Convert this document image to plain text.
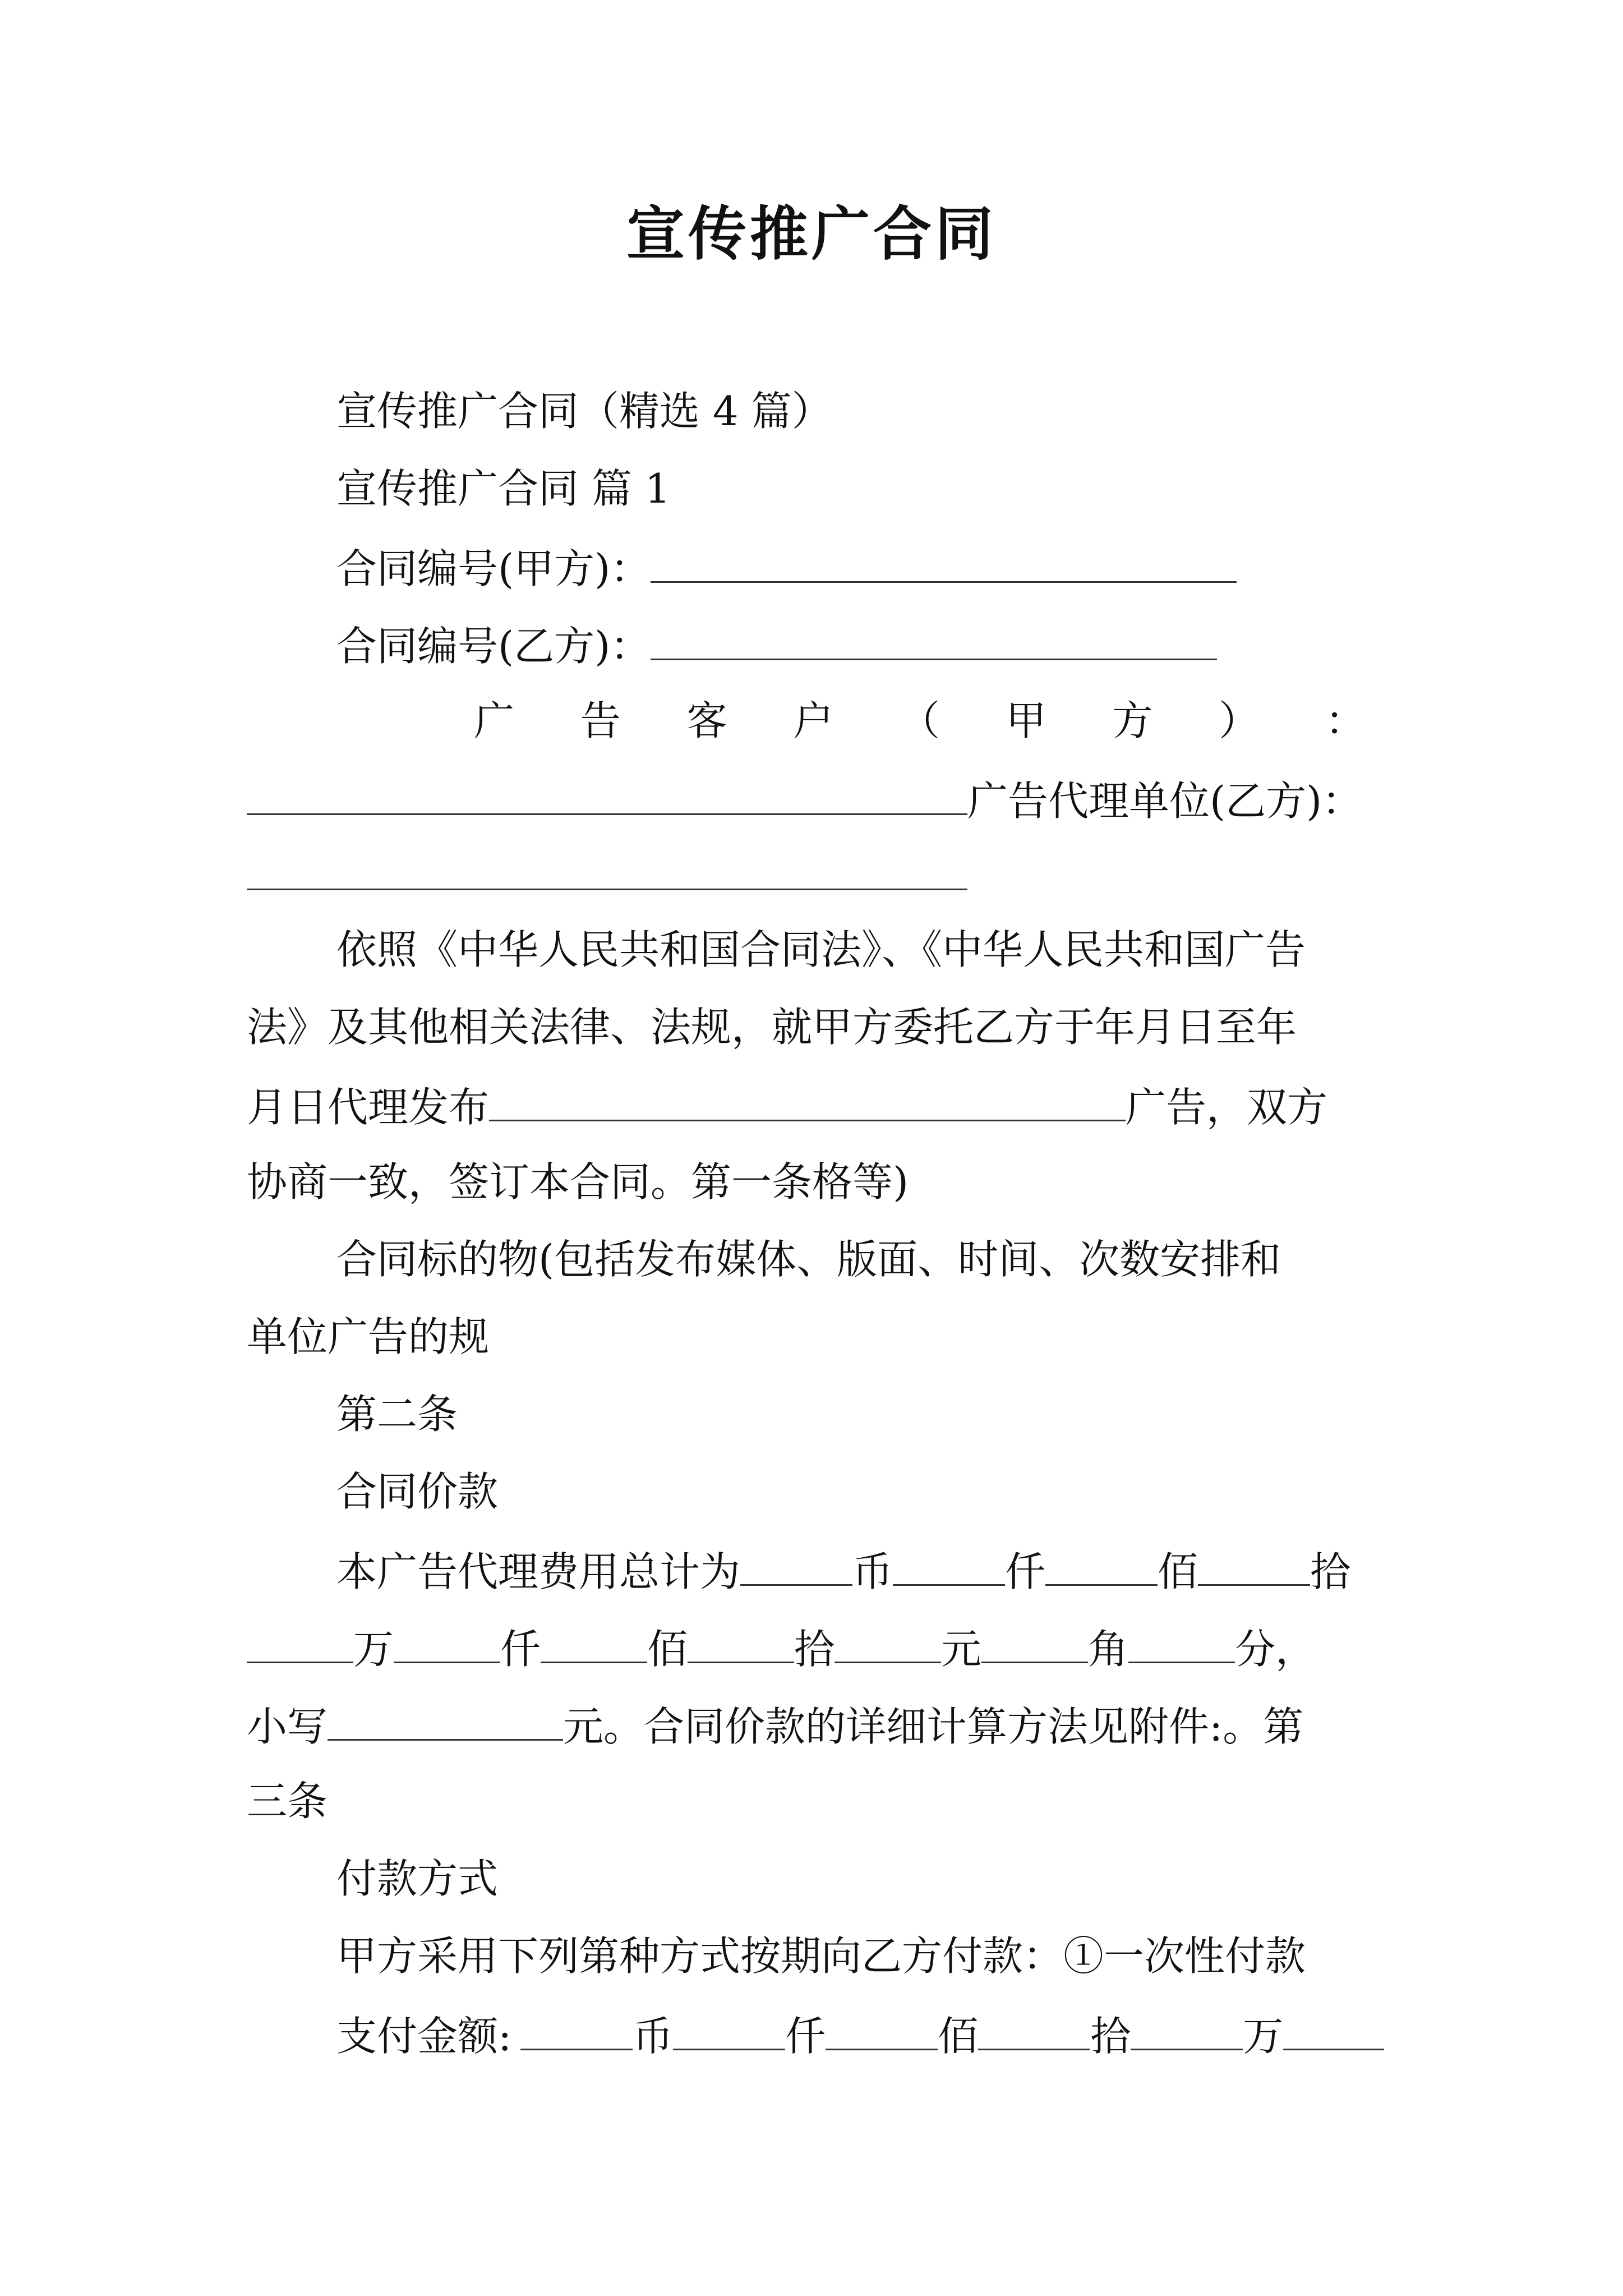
宣传推广合同
宣传推广合同（精选 4 篇）
宣传推广合同 篇 1
合同编号(甲方)：
合同编号(乙方)：
广 告 客 户 （ 甲 方 ） ：
广告代理单位(乙方)：
依照《中华人民共和国合同法》、《中华人民共和国广告
法》及其他相关法律、法规，就甲方委托乙方于年月日至年
月日代理发布	广告，双方
协商一致，签订本合同。第一条格等)
合同标的物(包括发布媒体、版面、时间、次数安排和
单位广告的规
第二条
合同价款
本广告代理费用总计为	币	仟	佰	拾
万	仟	佰	拾	元	角	分，
小写	元。合同价款的详细计算方法见附件:。第
三条
付款方式
甲方采用下列第种方式按期向乙方付款：①一次性付款
支付金额:	币	仟	佰	拾	万
